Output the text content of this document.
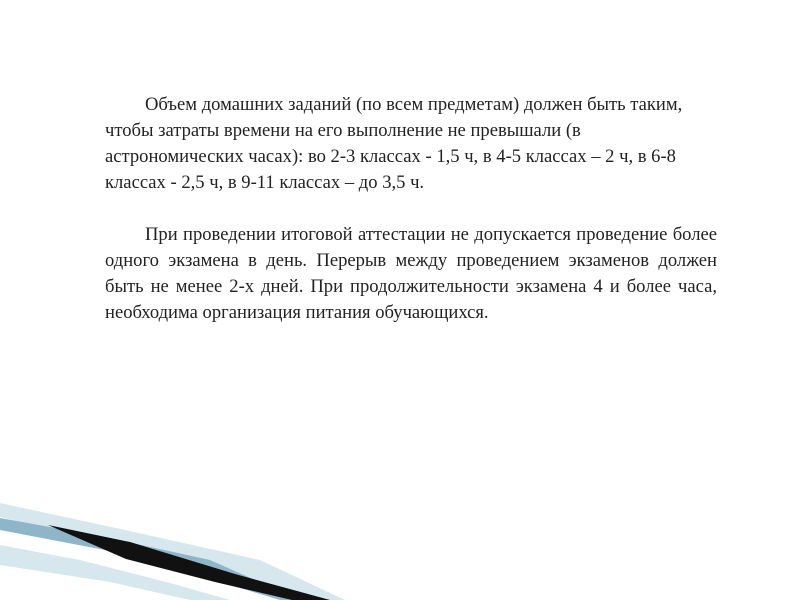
Объем домашних заданий (по всем предметам) должен быть таким, чтобы затраты времени на его выполнение не превышали (в астрономических часах): во 2-3 классах - 1,5 ч, в 4-5 классах – 2 ч, в 6-8 классах - 2,5 ч, в 9-11 классах – до 3,5 ч.

При проведении итоговой аттестации не допускается проведение более одного экзамена в день. Перерыв между проведением экзаменов должен быть не менее 2-х дней. При продолжительности экзамена 4 и более часа, необходима организация питания обучающихся.
